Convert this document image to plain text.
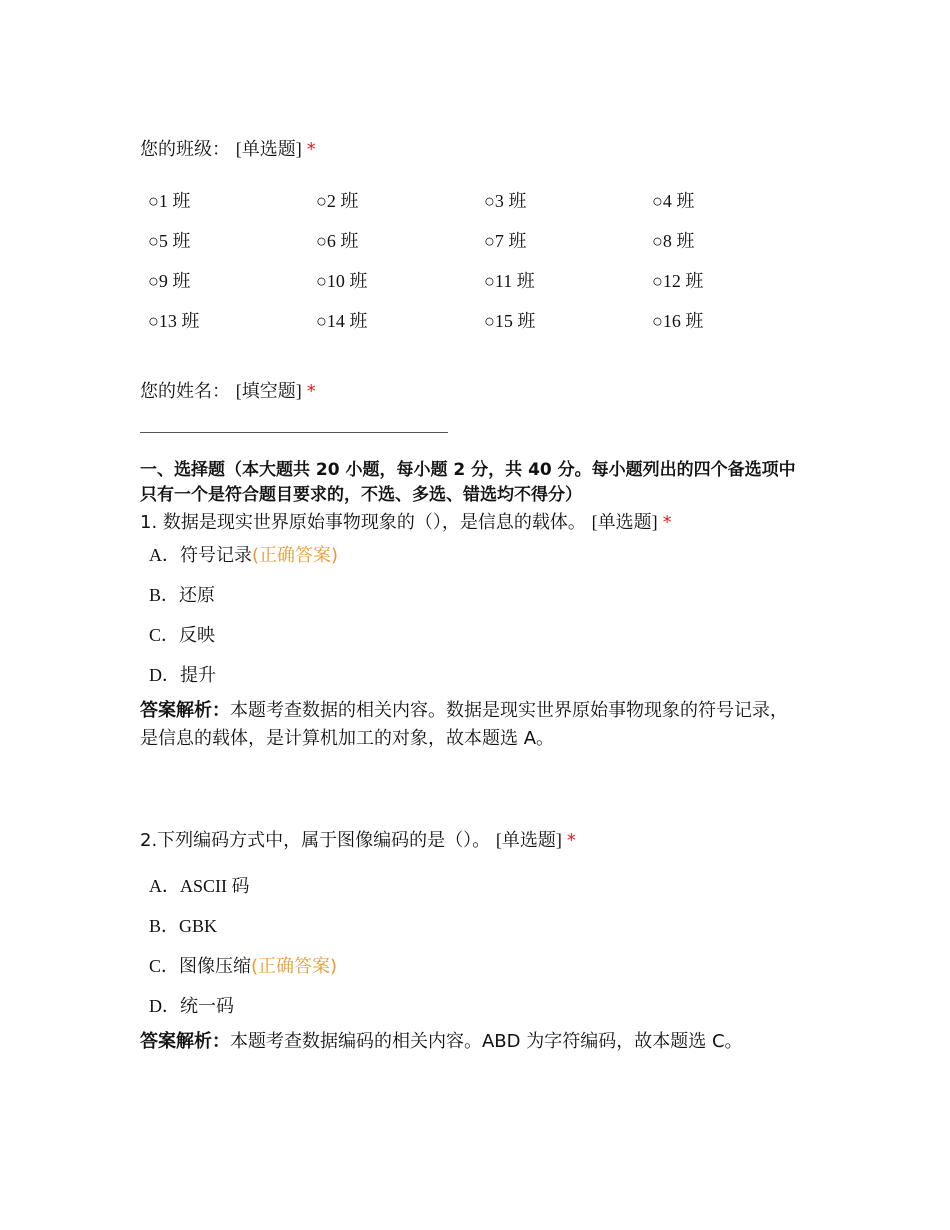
您的班级： [单选题] *
○1 班	○2 班	○3 班	○4 班
○5 班	○6 班	○7 班	○8 班
○9 班	○10 班	○11 班	○12 班
○13 班	○14 班	○15 班	○16 班
您的姓名： [填空题] *
一、选择题（本大题共 20 小题，每小题 2 分，共 40 分。每小题列出的四个备选项中
只有一个是符合题目要求的，不选、多选、错选均不得分）
1. 数据是现实世界原始事物现象的（），是信息的载体。 [单选题] *
A．符号记录(正确答案)
B．还原
C．反映
D．提升
答案解析：本题考查数据的相关内容。数据是现实世界原始事物现象的符号记录，
是信息的载体，是计算机加工的对象，故本题选 A。
2.下列编码方式中，属于图像编码的是（）。 [单选题] *
A．ASCII 码
B．GBK
C．图像压缩(正确答案)
D．统一码
答案解析：本题考查数据编码的相关内容。ABD 为字符编码，故本题选 C。
